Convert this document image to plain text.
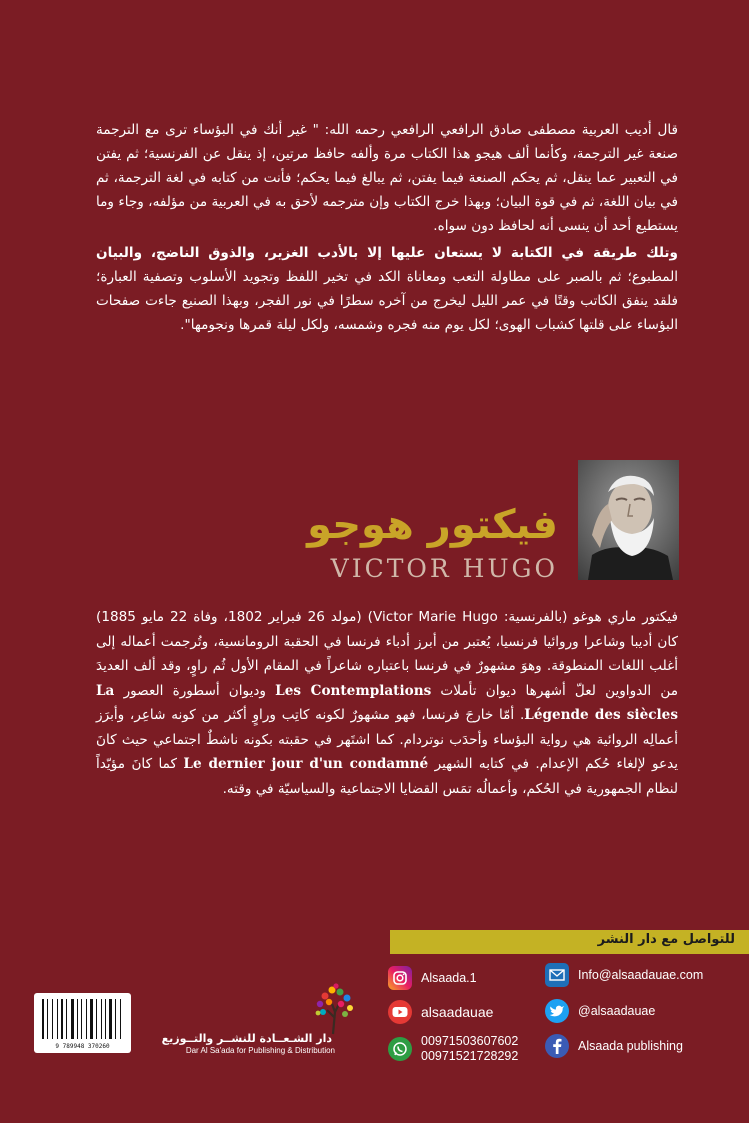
قال أديب العربية مصطفى صادق الرافعي الرافعي رحمه الله: " غير أنك في البؤساء ترى مع الترجمة صنعة غير الترجمة، وكأنما ألف هيجو هذا الكتاب مرة وألفه حافظ مرتين، إذ ينقل عن الفرنسية؛ ثم يفتن في التعبير عما ينقل، ثم يحكم الصنعة فيما يفتن، ثم يبالغ فيما يحكم؛ فأنت من كتابه في لغة الترجمة، ثم في بيان اللغة، ثم في قوة البيان؛ وبهذا خرج الكتاب وإن مترجمه لأحق به في العربية من مؤلفه، وجاء وما يستطيع أحد أن ينسى أنه لحافظ دون سواه.

وتلك طريقة في الكتابة لا يستعان عليها إلا بالأدب الغزير، والذوق الناضج، والبيان المطبوع؛ ثم بالصبر على مطاولة التعب ومعاناة الكد في تخير اللفظ وتجويد الأسلوب وتصفية العبارة؛ فلقد ينفق الكاتب وقتًا في عمر الليل ليخرج من آخره سطرًا في نور الفجر، وبهذا الصنيع جاءت صفحات البؤساء على قلتها كشباب الهوى؛ لكل يوم منه فجره وشمسه، ولكل ليلة قمرها ونجومها".

فيكتور هوجو
VICTOR HUGO

فيكتور ماري هوغو (بالفرنسية: Victor Marie Hugo) (مولد 26 فبراير 1802، وفاة 22 مايو 1885) كان أديبا وشاعرا وروائيا فرنسيا، يُعتبر من أبرز أدباء فرنسا في الحقبة الرومانسية، وتُرجمت أعماله إلى أغلب اللغات المنطوقة. وهوَ مشهورٌ في فرنسا باعتباره شاعراً في المقام الأول ثُم راوٍ، وقد ألف العديدَ من الدواوين لعلّ أشهرها ديوان تأملات Les Contemplations وديوان أسطورة العصور La Légende des siècles. أمّا خارجَ فرنسا، فهو مشهورٌ لكونه كاتِب وراوٍ أكثر من كونه شاعِر، وأبرَز أعمالِه الروائية هي رواية البؤساء وأحدَب نوتردام. كما اشتَهر في حقبته بكونه ناشطٌ اجتماعي حيث كانَ يدعو لإلغاء حُكم الإعدام. في كتابه الشهير Le dernier jour d'un condamné كما كانَ مؤيّداً لنظام الجمهورية في الحُكم، وأعمالُه تمَس القضايا الاجتماعية والسياسيّة في وقته.

للتواصل مع دار النشر
Alsaada.1
alsaadauae
00971503607602
00971521728292
Info@alsaadauae.com
@alsaadauae
Alsaada publishing
دار الشـعــادة للنشــر والتــوزيع
Dar Al Sa'ada for Publishing & Distribution
9 789948 370260
